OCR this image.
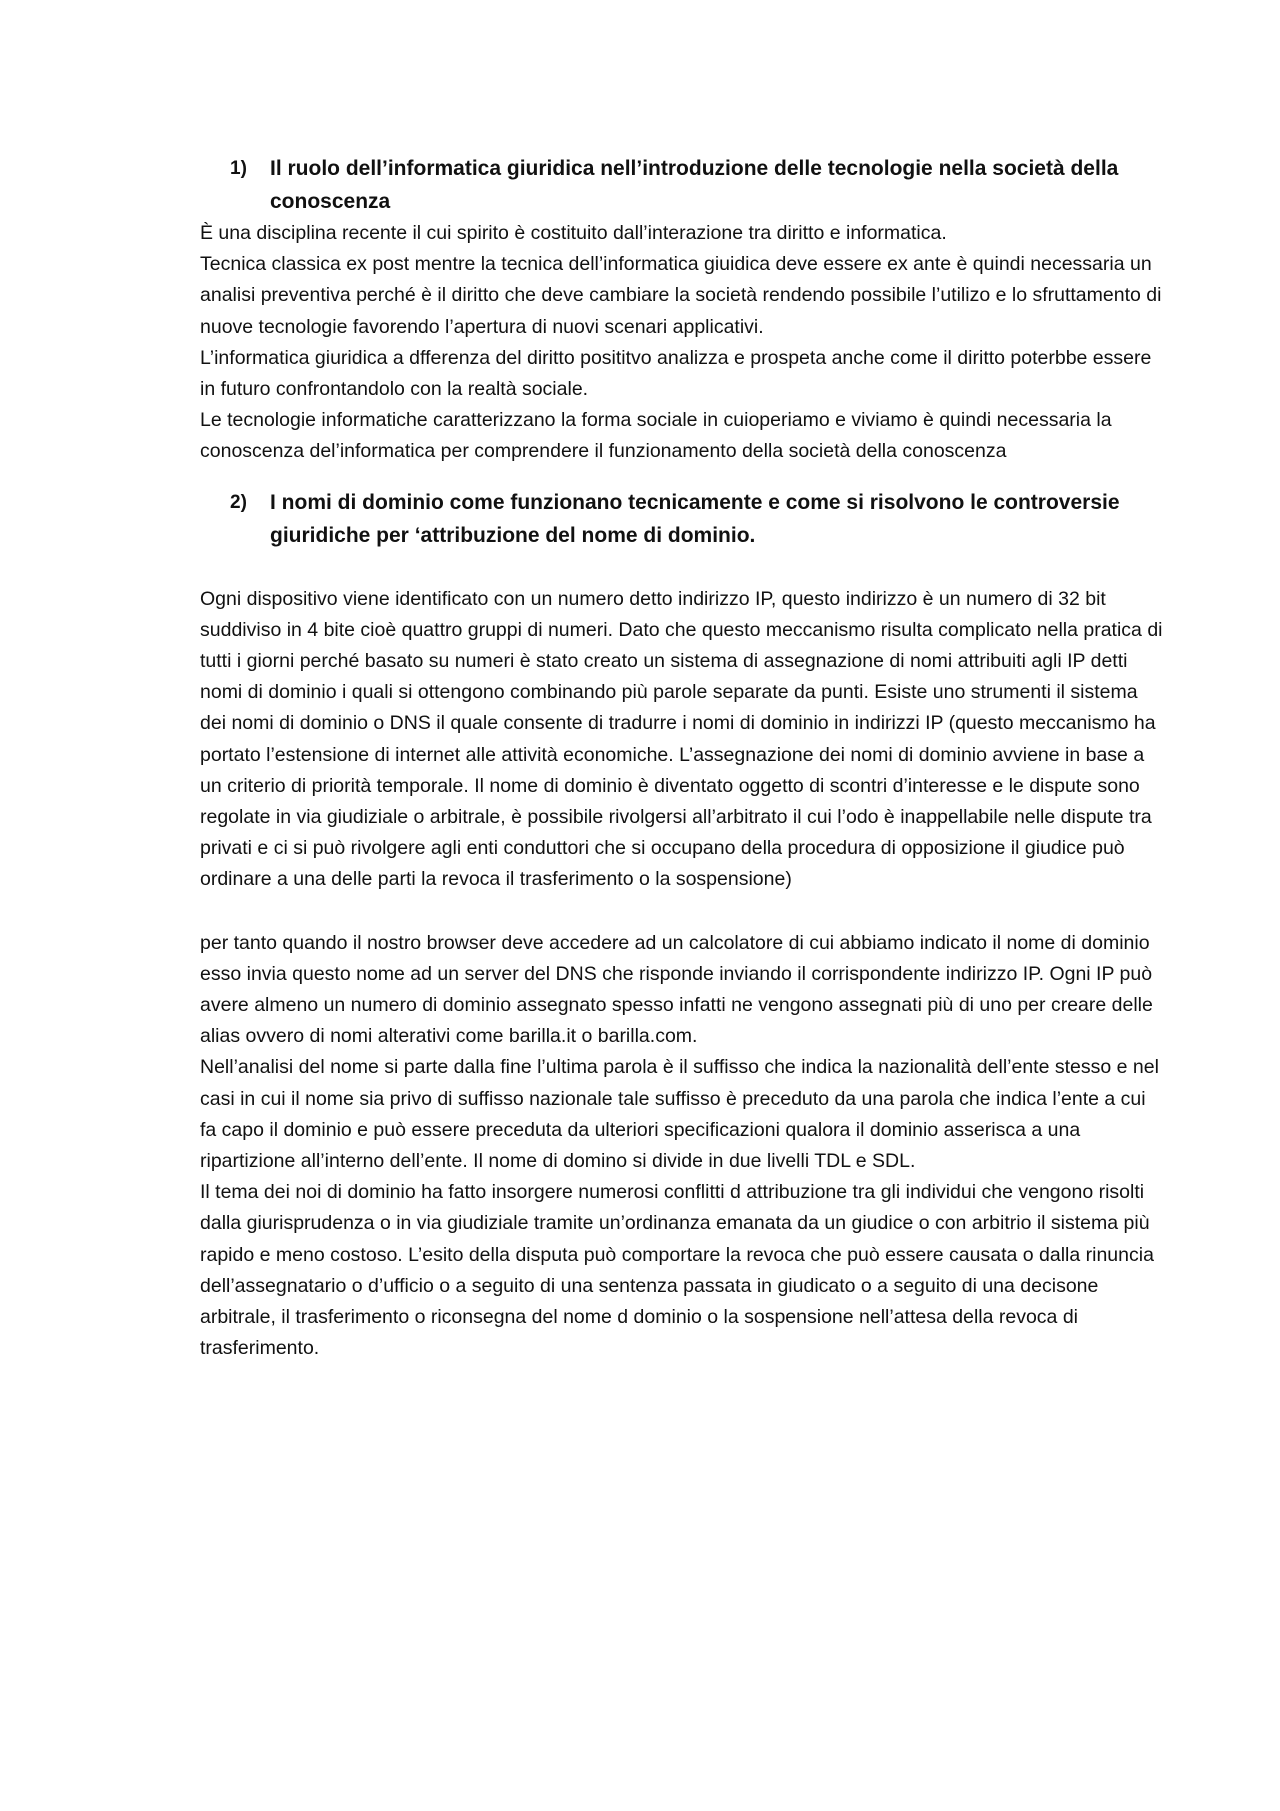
1)	Il ruolo dell’informatica giuridica nell’introduzione delle tecnologie nella società della conoscenza

È una disciplina recente il cui spirito è costituito dall’interazione tra diritto e informatica.
Tecnica classica ex post mentre la tecnica dell’informatica giuidica deve essere ex ante è quindi necessaria un analisi preventiva perché è il diritto che deve cambiare la società rendendo possibile l’utilizo e lo sfruttamento di nuove tecnologie favorendo l’apertura di nuovi scenari applicativi.
L’informatica giuridica a dfferenza del diritto posititvo analizza e prospeta anche come il diritto poterbbe essere in futuro confrontandolo con la realtà sociale.
Le tecnologie informatiche caratterizzano la forma sociale in cuioperiamo e viviamo è quindi necessaria la conoscenza del’informatica per comprendere il funzionamento della società della conoscenza

2)	I nomi di dominio come funzionano tecnicamente e come si risolvono le controversie giuridiche per ‘attribuzione del nome di dominio.

Ogni dispositivo viene identificato con un numero detto indirizzo IP, questo indirizzo è un numero di 32 bit suddiviso in 4 bite cioè quattro gruppi di numeri. Dato che questo meccanismo risulta complicato nella pratica di tutti i giorni perché basato su numeri è stato creato un sistema di assegnazione di nomi attribuiti agli IP detti nomi di dominio i quali si ottengono combinando più parole separate da punti. Esiste uno strumenti il sistema dei nomi di dominio o DNS il quale consente di tradurre i nomi di dominio in indirizzi IP (questo meccanismo ha portato l’estensione di internet alle attività economiche. L’assegnazione dei nomi di dominio avviene in base a un criterio di priorità temporale. Il nome di dominio è diventato oggetto di scontri d’interesse e le dispute sono regolate in via giudiziale o arbitrale, è possibile rivolgersi all’arbitrato il cui l’odo è inappellabile nelle dispute tra privati e ci si può rivolgere agli enti conduttori che si occupano della procedura di opposizione il giudice può ordinare a una delle parti la revoca il trasferimento o la sospensione)

per tanto quando il nostro browser deve accedere ad un calcolatore di cui abbiamo indicato il nome di dominio esso invia questo nome ad un server del DNS che risponde inviando il corrispondente indirizzo IP. Ogni IP può avere almeno un numero di dominio assegnato spesso infatti ne vengono assegnati più di uno per creare delle alias ovvero di nomi alterativi come barilla.it o barilla.com.
Nell’analisi del nome si parte dalla fine l’ultima parola è il suffisso che indica la nazionalità dell’ente stesso e nel casi in cui il nome sia privo di suffisso nazionale tale suffisso è preceduto da una parola che indica l’ente a cui fa capo il dominio e può essere preceduta da ulteriori specificazioni qualora il dominio asserisca a una ripartizione all’interno dell’ente. Il nome di domino si divide in due livelli TDL e SDL.
Il tema dei noi di dominio ha fatto insorgere numerosi conflitti d attribuzione tra gli individui che vengono risolti dalla giurisprudenza o in via giudiziale tramite un’ordinanza emanata da un giudice o con arbitrio il sistema più rapido e meno costoso. L’esito della disputa può comportare la revoca che può essere causata o dalla rinuncia dell’assegnatario o d’ufficio o a seguito di una sentenza passata in giudicato o a seguito di una decisone arbitrale, il trasferimento o riconsegna del nome d dominio o la sospensione nell’attesa della revoca di trasferimento.
